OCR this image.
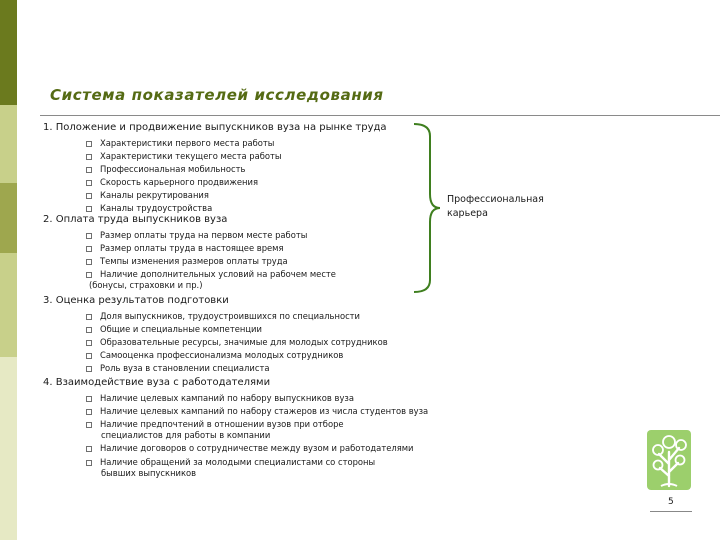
Система показателей исследования
1. Положение и продвижение выпускников вуза на рынке труда
Характеристики первого места работы
Характеристики текущего места работы
Профессиональная мобильность
Скорость карьерного продвижения
Каналы рекрутирования
Каналы трудоустройства
2. Оплата труда выпускников вуза
Размер оплаты труда на первом месте работы
Размер оплаты труда в настоящее время
Темпы изменения размеров оплаты труда
Наличие дополнительных условий на рабочем месте
(бонусы, страховки и пр.)
3. Оценка результатов подготовки
Доля выпускников, трудоустроившихся по специальности
Общие и специальные компетенции
Образовательные ресурсы, значимые для молодых сотрудников
Самооценка профессионализма молодых сотрудников
Роль вуза в становлении специалиста
4. Взаимодействие вуза с работодателями
Наличие целевых кампаний по набору выпускников вуза
Наличие целевых кампаний по набору стажеров из числа студентов вуза
Наличие предпочтений в отношении вузов при отборе
специалистов для работы в компании
Наличие договоров о сотрудничестве между вузом и работодателями
Наличие обращений за молодыми специалистами со стороны
бывших выпускников
Профессиональная
карьера
5
